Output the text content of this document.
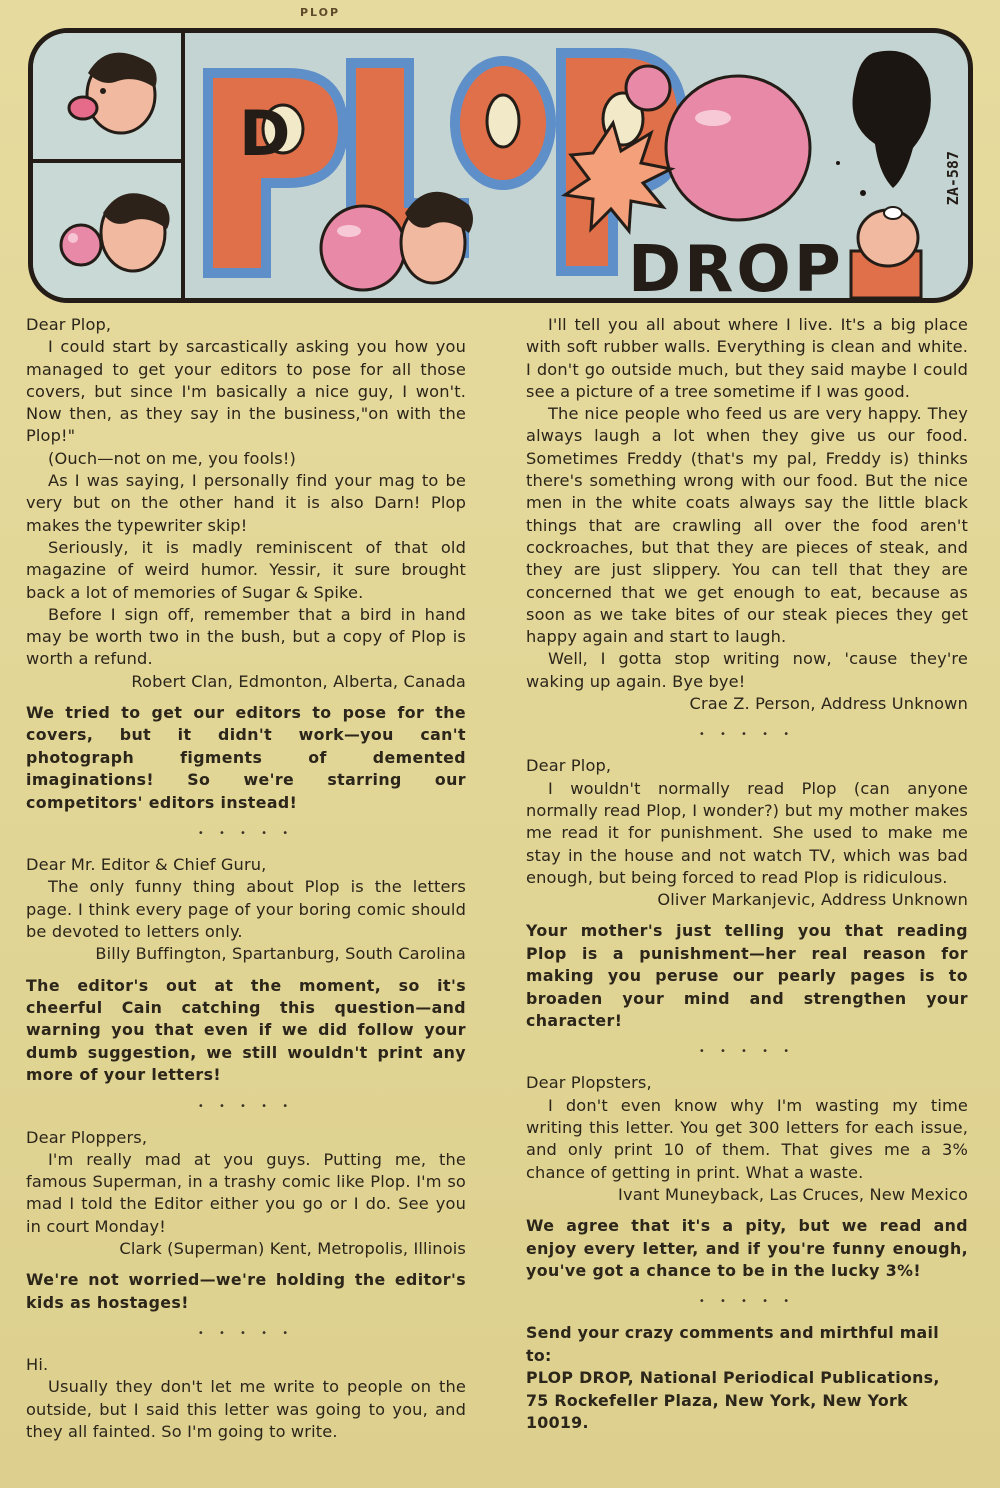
D
DROP
ZA-587

Dear Plop,

I could start by sarcastically asking you how you managed to get your editors to pose for all those covers, but since I'm basically a nice guy, I won't. Now then, as they say in the business,"on with the Plop!"

(Ouch—not on me, you fools!)

As I was saying, I personally find your mag to be very but on the other hand it is also Darn! Plop makes the typewriter skip!

Seriously, it is madly reminiscent of that old magazine of weird humor. Yessir, it sure brought back a lot of memories of Sugar & Spike.

Before I sign off, remember that a bird in hand may be worth two in the bush, but a copy of Plop is worth a refund.

Robert Clan, Edmonton, Alberta, Canada

We tried to get our editors to pose for the covers, but it didn't work—you can't photograph figments of demented imaginations! So we're starring our competitors' editors instead!

• • • • •

Dear Mr. Editor & Chief Guru,

The only funny thing about Plop is the letters page. I think every page of your boring comic should be devoted to letters only.

Billy Buffington, Spartanburg, South Carolina

The editor's out at the moment, so it's cheerful Cain catching this question—and warning you that even if we did follow your dumb suggestion, we still wouldn't print any more of your letters!

• • • • •

Dear Ploppers,

I'm really mad at you guys. Putting me, the famous Superman, in a trashy comic like Plop. I'm so mad I told the Editor either you go or I do. See you in court Monday!

Clark (Superman) Kent, Metropolis, Illinois

We're not worried—we're holding the editor's kids as hostages!

• • • • •

Hi.

Usually they don't let me write to people on the outside, but I said this letter was going to you, and they all fainted. So I'm going to write.

I'll tell you all about where I live. It's a big place with soft rubber walls. Everything is clean and white. I don't go outside much, but they said maybe I could see a picture of a tree sometime if I was good.

The nice people who feed us are very happy. They always laugh a lot when they give us our food. Sometimes Freddy (that's my pal, Freddy is) thinks there's something wrong with our food. But the nice men in the white coats always say the little black things that are crawling all over the food aren't cockroaches, but that they are pieces of steak, and they are just slippery. You can tell that they are concerned that we get enough to eat, because as soon as we take bites of our steak pieces they get happy again and start to laugh.

Well, I gotta stop writing now, 'cause they're waking up again. Bye bye!

Crae Z. Person, Address Unknown

• • • • •

Dear Plop,

I wouldn't normally read Plop (can anyone normally read Plop, I wonder?) but my mother makes me read it for punishment. She used to make me stay in the house and not watch TV, which was bad enough, but being forced to read Plop is ridiculous.

Oliver Markanjevic, Address Unknown

Your mother's just telling you that reading Plop is a punishment—her real reason for making you peruse our pearly pages is to broaden your mind and strengthen your character!

• • • • •

Dear Plopsters,

I don't even know why I'm wasting my time writing this letter. You get 300 letters for each issue, and only print 10 of them. That gives me a 3% chance of getting in print. What a waste.

Ivant Muneyback, Las Cruces, New Mexico

We agree that it's a pity, but we read and enjoy every letter, and if you're funny enough, you've got a chance to be in the lucky 3%!

• • • • •

Send your crazy comments and mirthful mail to:
PLOP DROP, National Periodical Publications,
75 Rockefeller Plaza, New York, New York
10019.

PLOP
